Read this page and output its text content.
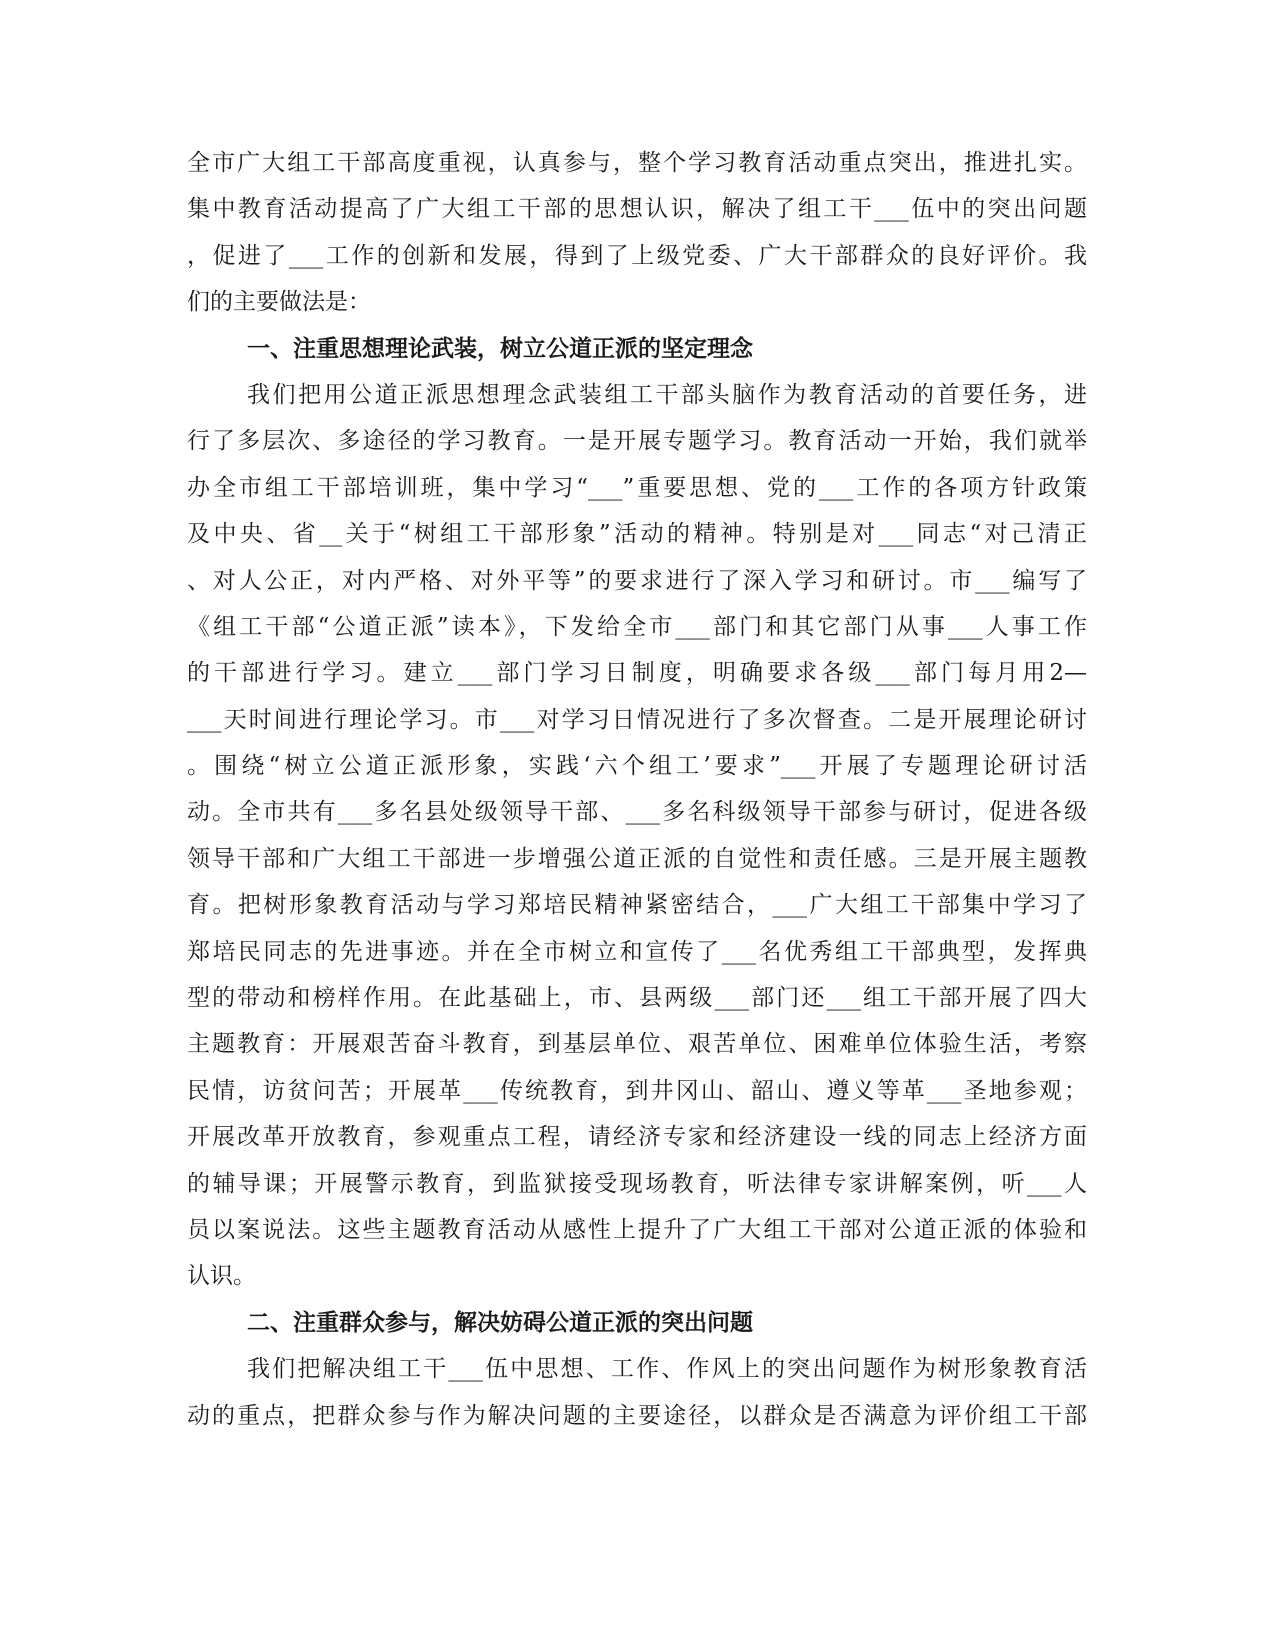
全市广大组工干部高度重视，认真参与，整个学习教育活动重点突出，推进扎实。
集中教育活动提高了广大组工干部的思想认识，解决了组工干___伍中的突出问题
，促进了___工作的创新和发展，得到了上级党委、广大干部群众的良好评价。我
们的主要做法是：
一、注重思想理论武装，树立公道正派的坚定理念
我们把用公道正派思想理念武装组工干部头脑作为教育活动的首要任务，进
行了多层次、多途径的学习教育。一是开展专题学习。教育活动一开始，我们就举
办全市组工干部培训班，集中学习“___”重要思想、党的___工作的各项方针政策
及中央、省__关于“树组工干部形象”活动的精神。特别是对___同志“对己清正
、对人公正，对内严格、对外平等”的要求进行了深入学习和研讨。市___编写了
《组工干部“公道正派”读本》，下发给全市___部门和其它部门从事___人事工作
的干部进行学习。建立___部门学习日制度，明确要求各级___部门每月用2—
___天时间进行理论学习。市___对学习日情况进行了多次督查。二是开展理论研讨
。围绕“树立公道正派形象，实践‘六个组工’要求”___开展了专题理论研讨活
动。全市共有___多名县处级领导干部、___多名科级领导干部参与研讨，促进各级
领导干部和广大组工干部进一步增强公道正派的自觉性和责任感。三是开展主题教
育。把树形象教育活动与学习郑培民精神紧密结合，___广大组工干部集中学习了
郑培民同志的先进事迹。并在全市树立和宣传了___名优秀组工干部典型，发挥典
型的带动和榜样作用。在此基础上，市、县两级___部门还___组工干部开展了四大
主题教育：开展艰苦奋斗教育，到基层单位、艰苦单位、困难单位体验生活，考察
民情，访贫问苦；开展革___传统教育，到井冈山、韶山、遵义等革___圣地参观；
开展改革开放教育，参观重点工程，请经济专家和经济建设一线的同志上经济方面
的辅导课；开展警示教育，到监狱接受现场教育，听法律专家讲解案例，听___人
员以案说法。这些主题教育活动从感性上提升了广大组工干部对公道正派的体验和
认识。
二、注重群众参与，解决妨碍公道正派的突出问题
我们把解决组工干___伍中思想、工作、作风上的突出问题作为树形象教育活
动的重点，把群众参与作为解决问题的主要途径，以群众是否满意为评价组工干部
